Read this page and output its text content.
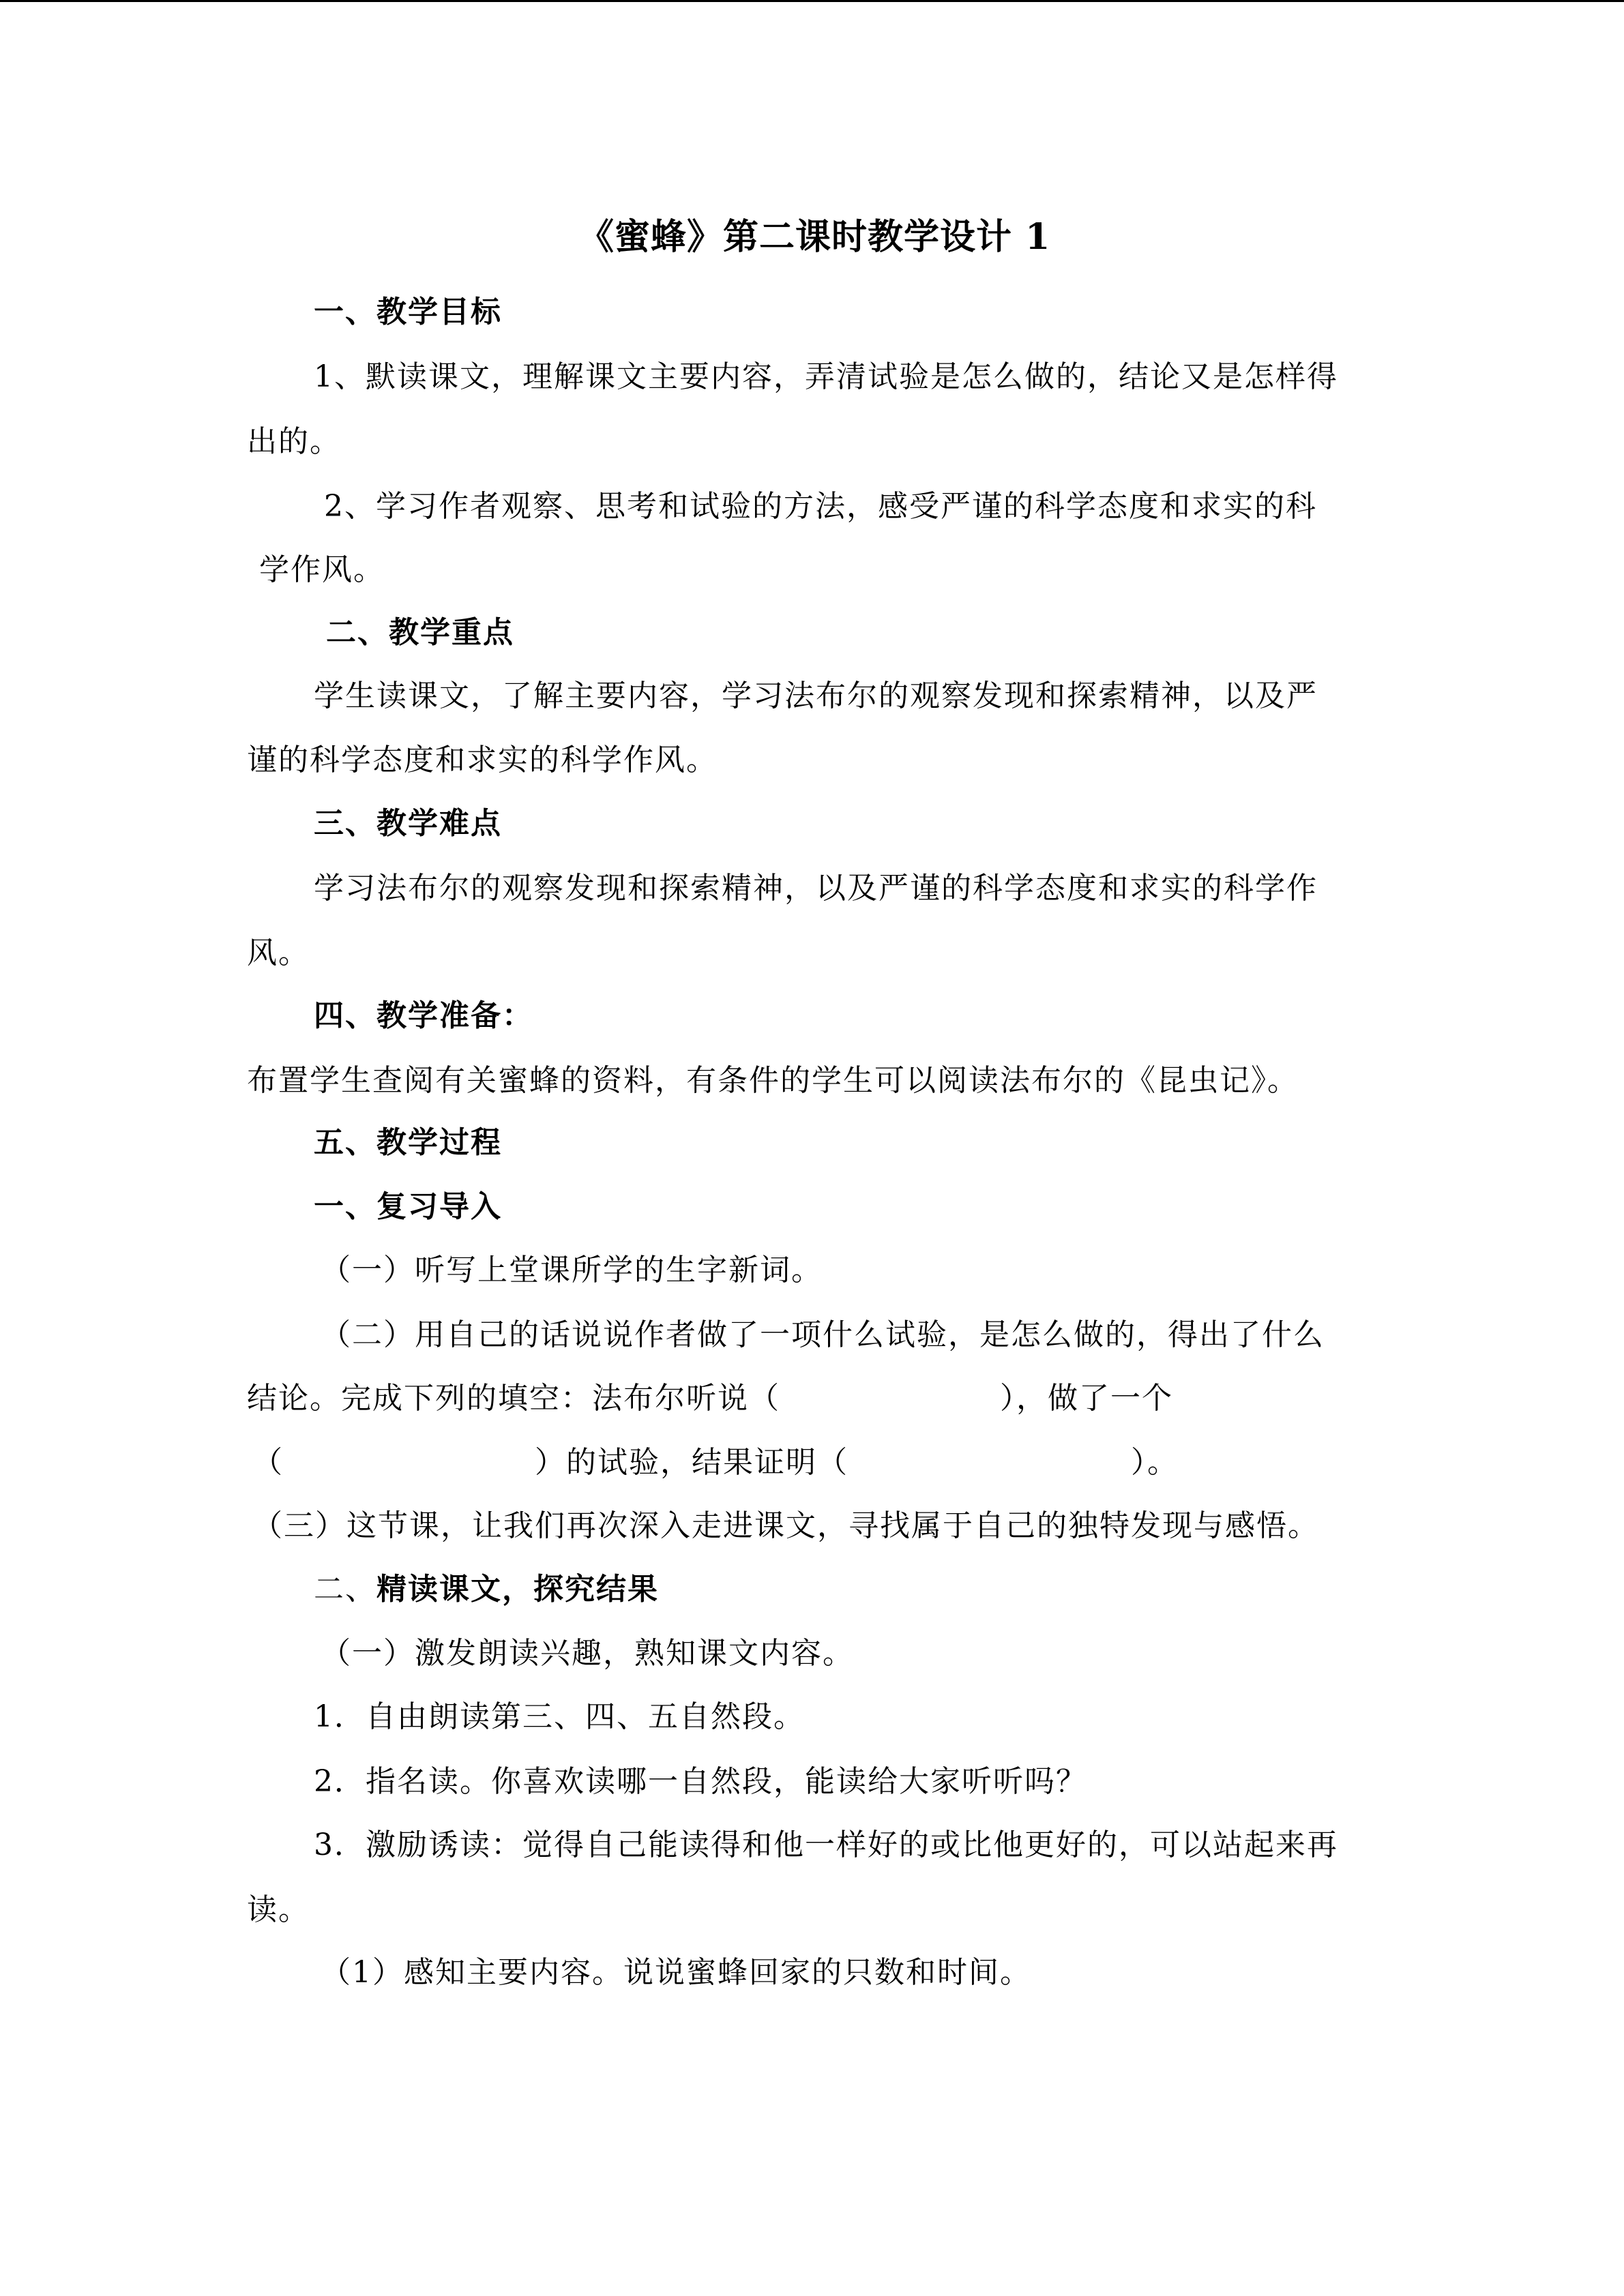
《蜜蜂》第二课时教学设计 1
一、教学目标
1、默读课文，理解课文主要内容，弄清试验是怎么做的，结论又是怎样得
出的。
2、学习作者观察、思考和试验的方法，感受严谨的科学态度和求实的科
学作风。
二、教学重点
学生读课文，了解主要内容，学习法布尔的观察发现和探索精神，以及严
谨的科学态度和求实的科学作风。
三、教学难点
学习法布尔的观察发现和探索精神，以及严谨的科学态度和求实的科学作
风。
四、教学准备：
布置学生查阅有关蜜蜂的资料，有条件的学生可以阅读法布尔的《昆虫记》。
五、教学过程
一、复习导入
（一）听写上堂课所学的生字新词。
（二）用自己的话说说作者做了一项什么试验，是怎么做的，得出了什么
结论。完成下列的填空：法布尔听说（　　　　　　　），做了一个
（　　　　　　　　）的试验，结果证明（　　　　　　　　　）。
（三）这节课，让我们再次深入走进课文，寻找属于自己的独特发现与感悟。
二、精读课文，探究结果
（一）激发朗读兴趣，熟知课文内容。
1．自由朗读第三、四、五自然段。
2．指名读。你喜欢读哪一自然段，能读给大家听听吗？
3．激励诱读：觉得自己能读得和他一样好的或比他更好的，可以站起来再
读。
（1）感知主要内容。说说蜜蜂回家的只数和时间。
